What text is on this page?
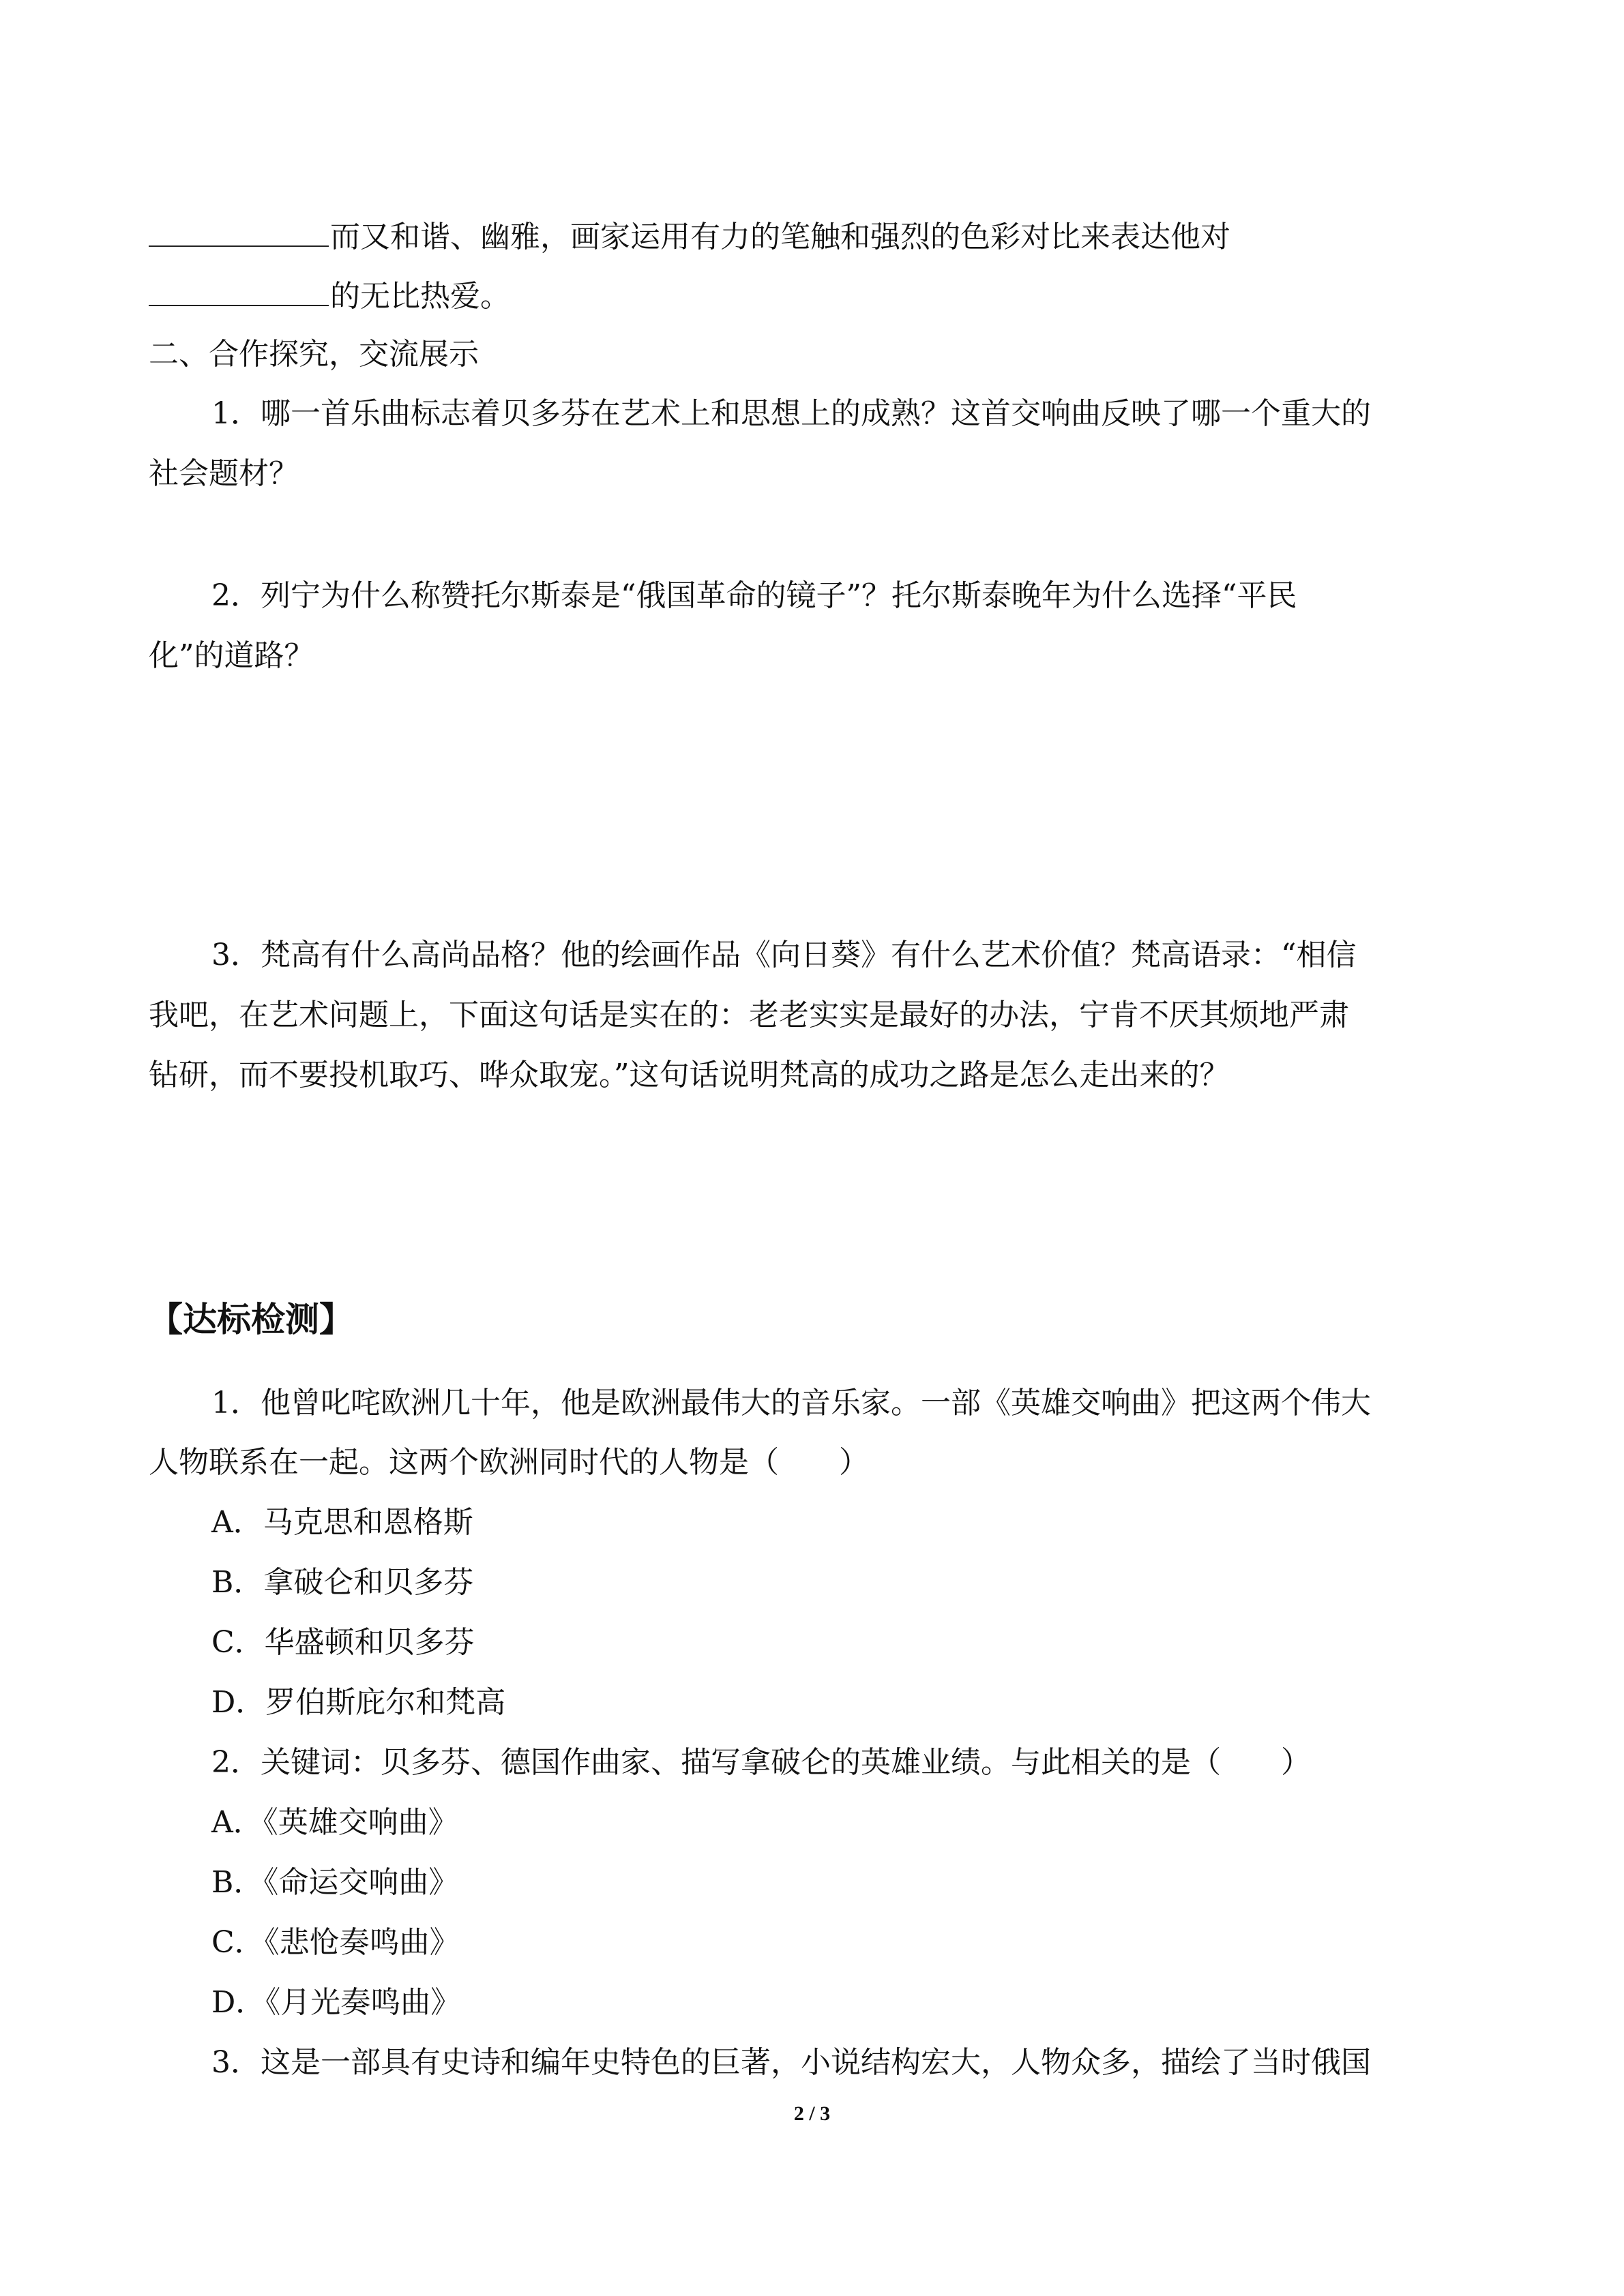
而又和谐、幽雅，画家运用有力的笔触和强烈的色彩对比来表达他对
的无比热爱。
二、合作探究，交流展示
1．哪一首乐曲标志着贝多芬在艺术上和思想上的成熟？这首交响曲反映了哪一个重大的
社会题材？
2．列宁为什么称赞托尔斯泰是“俄国革命的镜子”？托尔斯泰晚年为什么选择“平民
化”的道路？
3．梵高有什么高尚品格？他的绘画作品《向日葵》有什么艺术价值？梵高语录：“相信
我吧，在艺术问题上，下面这句话是实在的：老老实实是最好的办法，宁肯不厌其烦地严肃
钻研，而不要投机取巧、哗众取宠。”这句话说明梵高的成功之路是怎么走出来的？
【达标检测】
1．他曾叱咤欧洲几十年，他是欧洲最伟大的音乐家。一部《英雄交响曲》把这两个伟大
人物联系在一起。这两个欧洲同时代的人物是（　　）
A．马克思和恩格斯
B．拿破仑和贝多芬
C．华盛顿和贝多芬
D．罗伯斯庇尔和梵高
2．关键词：贝多芬、德国作曲家、描写拿破仑的英雄业绩。与此相关的是（　　）
A．《英雄交响曲》
B．《命运交响曲》
C．《悲怆奏鸣曲》
D．《月光奏鸣曲》
3．这是一部具有史诗和编年史特色的巨著，小说结构宏大，人物众多，描绘了当时俄国
2 / 3
